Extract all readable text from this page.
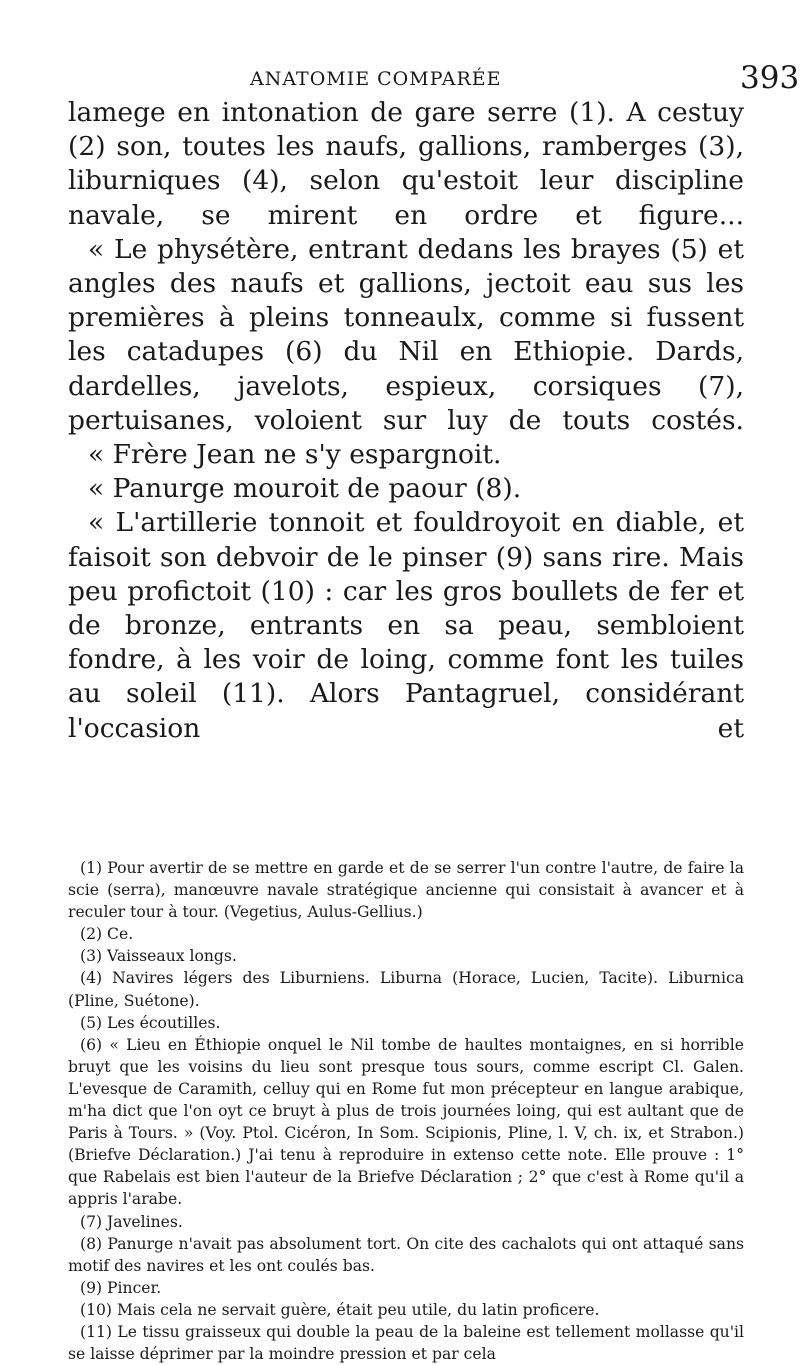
ANATOMIE COMPARÉE	393

lamege en intonation de gare serre (1). A cestuy (2) son, toutes les naufs, gallions, ramberges (3), liburniques (4), selon qu'estoit leur discipline navale, se mirent en ordre et figure...

« Le physétère, entrant dedans les brayes (5) et angles des naufs et gallions, jectoit eau sus les premières à pleins tonneaulx, comme si fussent les catadupes (6) du Nil en Ethiopie. Dards, dardelles, javelots, espieux, corsiques (7), pertuisanes, voloient sur luy de touts costés.

« Frère Jean ne s'y espargnoit.

« Panurge mouroit de paour (8).

« L'artillerie tonnoit et fouldroyoit en diable, et faisoit son debvoir de le pinser (9) sans rire. Mais peu profictoit (10) : car les gros boullets de fer et de bronze, entrants en sa peau, sembloient fondre, à les voir de loing, comme font les tuiles au soleil (11). Alors Pantagruel, considérant l'occasion et

(1) Pour avertir de se mettre en garde et de se serrer l'un contre l'autre, de faire la scie (serra), manœuvre navale stratégique ancienne qui consistait à avancer et à reculer tour à tour. (Vegetius, Aulus-Gellius.)

(2) Ce.

(3) Vaisseaux longs.

(4) Navires légers des Liburniens. Liburna (Horace, Lucien, Tacite). Liburnica (Pline, Suétone).

(5) Les écoutilles.

(6) « Lieu en Éthiopie onquel le Nil tombe de haultes montaignes, en si horrible bruyt que les voisins du lieu sont presque tous sours, comme escript Cl. Galen. L'evesque de Caramith, celluy qui en Rome fut mon précepteur en langue arabique, m'ha dict que l'on oyt ce bruyt à plus de trois journées loing, qui est aultant que de Paris à Tours. » (Voy. Ptol. Cicéron, In Som. Scipionis, Pline, l. V, ch. ix, et Strabon.) (Briefve Déclaration.) J'ai tenu à reproduire in extenso cette note. Elle prouve : 1° que Rabelais est bien l'auteur de la Briefve Déclaration ; 2° que c'est à Rome qu'il a appris l'arabe.

(7) Javelines.

(8) Panurge n'avait pas absolument tort. On cite des cachalots qui ont attaqué sans motif des navires et les ont coulés bas.

(9) Pincer.

(10) Mais cela ne servait guère, était peu utile, du latin proficere.

(11) Le tissu graisseux qui double la peau de la baleine est tellement mollasse qu'il se laisse déprimer par la moindre pression et par cela
